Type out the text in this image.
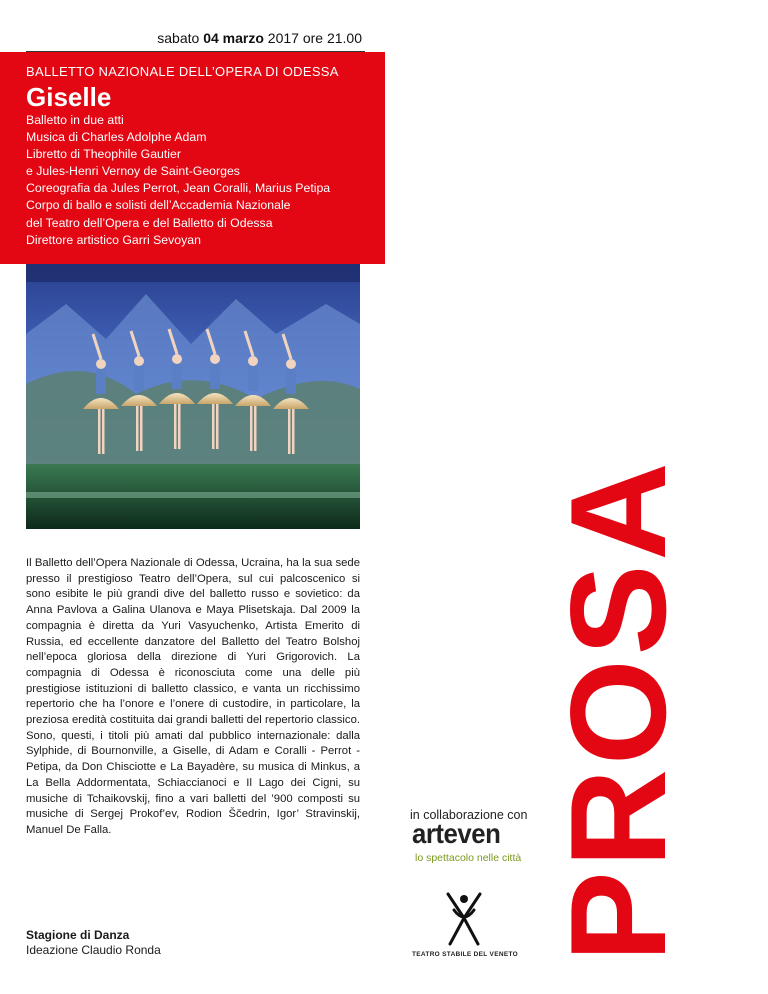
sabato 04 marzo 2017 ore 21.00
BALLETTO NAZIONALE DELL’OPERA DI ODESSA
Giselle
Balletto in due atti
Musica di Charles Adolphe Adam
Libretto di Theophile Gautier
e Jules-Henri Vernoy de Saint-Georges
Coreografia da Jules Perrot, Jean Coralli, Marius Petipa
Corpo di ballo e solisti dell’Accademia Nazionale
del Teatro dell’Opera e del Balletto di Odessa
Direttore artistico Garri Sevoyan
Il Balletto dell’Opera Nazionale di Odessa, Ucraina, ha la sua sede presso il prestigioso Teatro dell’Opera, sul cui palcoscenico si sono esibite le più grandi dive del balletto russo e sovietico: da Anna Pavlova a Galina Ulanova e Maya Plisetskaja. Dal 2009 la compagnia è diretta da Yuri Vasyuchenko, Artista Emerito di Russia, ed eccellente danzatore del Balletto del Teatro Bolshoj nell’epoca gloriosa della direzione di Yuri Grigorovich. La compagnia di Odessa è riconosciuta come una delle più prestigiose istituzioni di balletto classico, e vanta un ricchissimo repertorio che ha l’onore e l’onere di custodire, in particolare, la preziosa eredità costituita dai grandi balletti del repertorio classico. Sono, questi, i titoli più amati dal pubblico internazionale: dalla Sylphide, di Bournonville, a Giselle, di Adam e Coralli - Perrot - Petipa, da Don Chisciotte e La Bayadère, su musica di Minkus, a La Bella Addormentata, Schiaccianoci e Il Lago dei Cigni, su musiche di Tchaikovskij, fino a vari balletti del ’900 composti su musiche di Sergej Prokof’ev, Rodion Ščedrin, Igor’ Stravinskij, Manuel De Falla.
Stagione di Danza
Ideazione Claudio Ronda
in collaborazione con
arteven
lo spettacolo nelle città
TEATRO STABILE DEL VENETO PROSA
